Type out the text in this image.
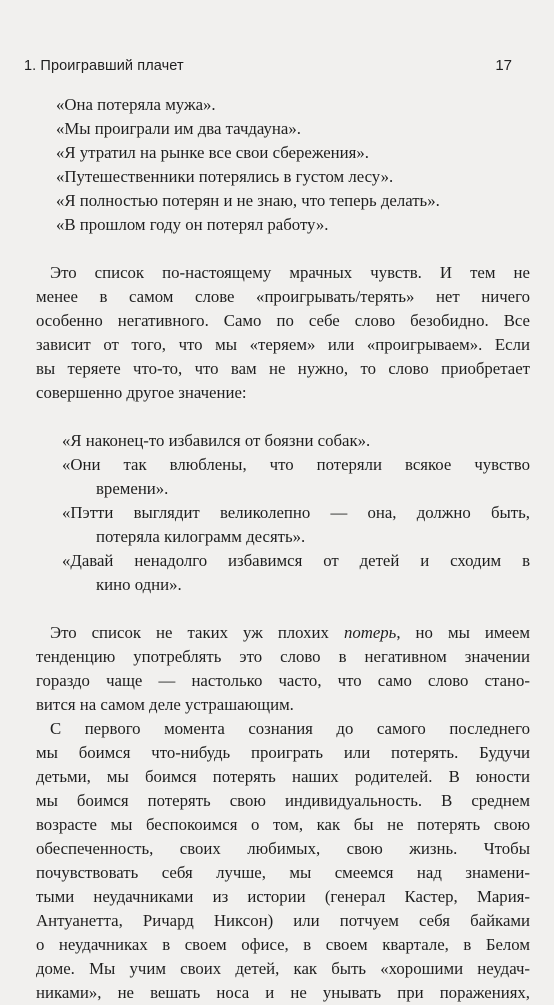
1. Проигравший плачет	17
«Она потеряла мужа».
«Мы проиграли им два тачдауна».
«Я утратил на рынке все свои сбережения».
«Путешественники потерялись в густом лесу».
«Я полностью потерян и не знаю, что теперь делать».
«В прошлом году он потерял работу».
Это список по-настоящему мрачных чувств. И тем не
менее в самом слове «проигрывать/терять» нет ничего
особенно негативного. Само по себе слово безобидно. Все
зависит от того, что мы «теряем» или «проигрываем». Если
вы теряете что-то, что вам не нужно, то слово приобретает
совершенно другое значение:
«Я наконец-то избавился от боязни собак».
«Они так влюблены, что потеряли всякое чувство
времени».
«Пэтти выглядит великолепно — она, должно быть,
потеряла килограмм десять».
«Давай ненадолго избавимся от детей и сходим в
кино одни».
Это список не таких уж плохих потерь, но мы имеем
тенденцию употреблять это слово в негативном значении
гораздо чаще — настолько часто, что само слово стано-
вится на самом деле устрашающим.
С первого момента сознания до самого последнего
мы боимся что-нибудь проиграть или потерять. Будучи
детьми, мы боимся потерять наших родителей. В юности
мы боимся потерять свою индивидуальность. В среднем
возрасте мы беспокоимся о том, как бы не потерять свою
обеспеченность, своих любимых, свою жизнь. Чтобы
почувствовать себя лучше, мы смеемся над знамени-
тыми неудачниками из истории (генерал Кастер, Мария-
Антуанетта, Ричард Никсон) или потчуем себя байками
о неудачниках в своем офисе, в своем квартале, в Белом
доме. Мы учим своих детей, как быть «хорошими неудач-
никами», не вешать носа и не унывать при поражениях,
